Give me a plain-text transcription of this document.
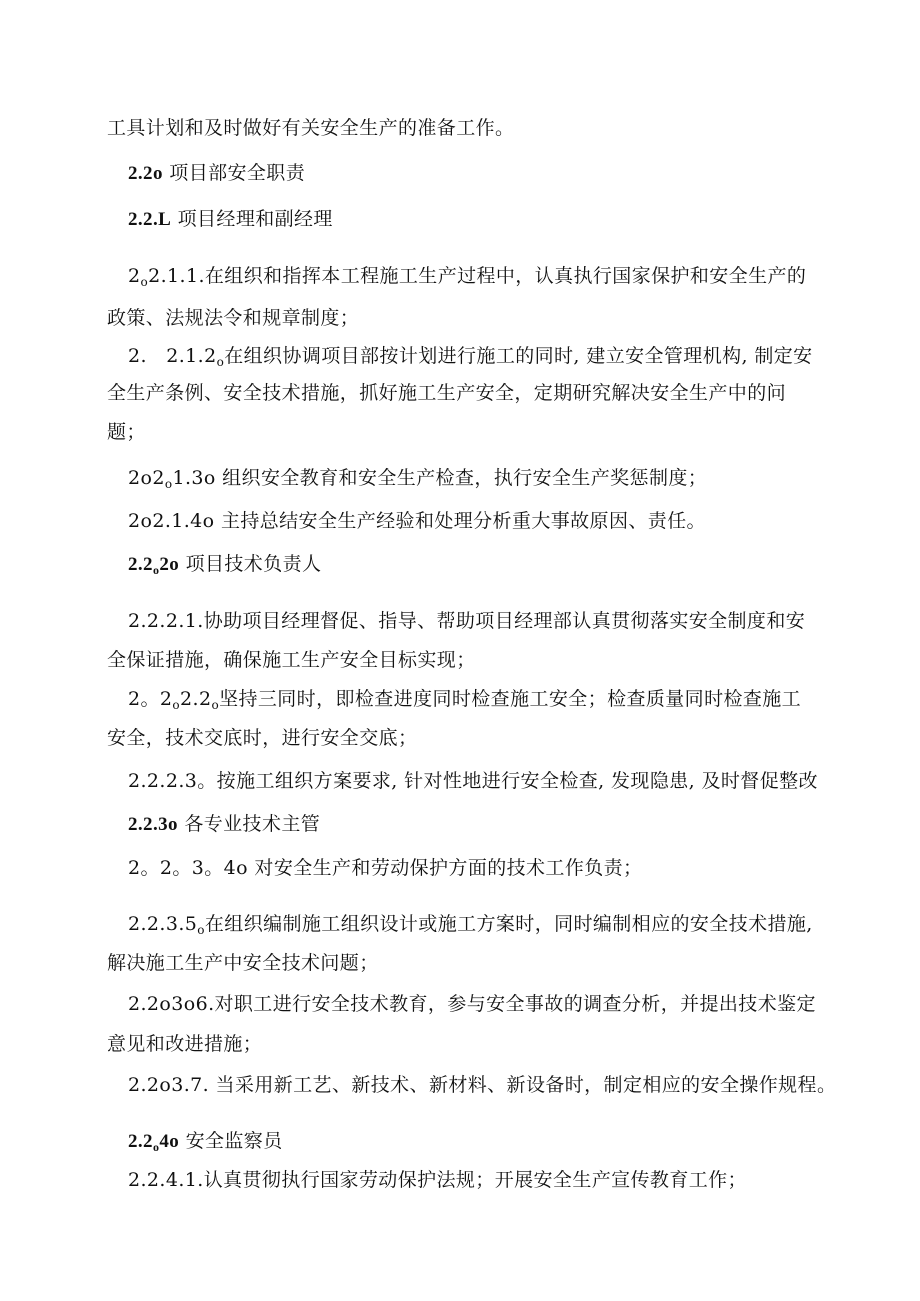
工具计划和及时做好有关安全生产的准备工作。
2.2o 项目部安全职责
2.2.L 项目经理和副经理
$2_o2.1.1$.在组织和指挥本工程施工生产过程中，认真执行国家保护和安全生产的
政策、法规法令和规章制度；
2.   $2.1.2_o$在组织协调项目部按计划进行施工的同时, 建立安全管理机构, 制定安
全生产条例、安全技术措施，抓好施工生产安全，定期研究解决安全生产中的问
题；
$2o2_o1.3o$ 组织安全教育和安全生产检查，执行安全生产奖惩制度；
2o2.1.4o 主持总结安全生产经验和处理分析重大事故原因、责任。
$2.2_o2o$ 项目技术负责人
2.2.2.1.协助项目经理督促、指导、帮助项目经理部认真贯彻落实安全制度和安
全保证措施，确保施工生产安全目标实现；
2。$2_o2.2_o$坚持三同时，即检查进度同时检查施工安全；检查质量同时检查施工
安全，技术交底时，进行安全交底；
2.2.2.3。按施工组织方案要求, 针对性地进行安全检查, 发现隐患, 及时督促整改
2.2.3o 各专业技术主管
2。2。3。4o 对安全生产和劳动保护方面的技术工作负责；
$2.2.3.5_o$在组织编制施工组织设计或施工方案时，同时编制相应的安全技术措施,
解决施工生产中安全技术问题；
2.2o3o6.对职工进行安全技术教育，参与安全事故的调查分析，并提出技术鉴定
意见和改进措施；
2.2o3.7. 当采用新工艺、新技术、新材料、新设备时，制定相应的安全操作规程。
$2.2_o4o$ 安全监察员
2.2.4.1.认真贯彻执行国家劳动保护法规；开展安全生产宣传教育工作；
